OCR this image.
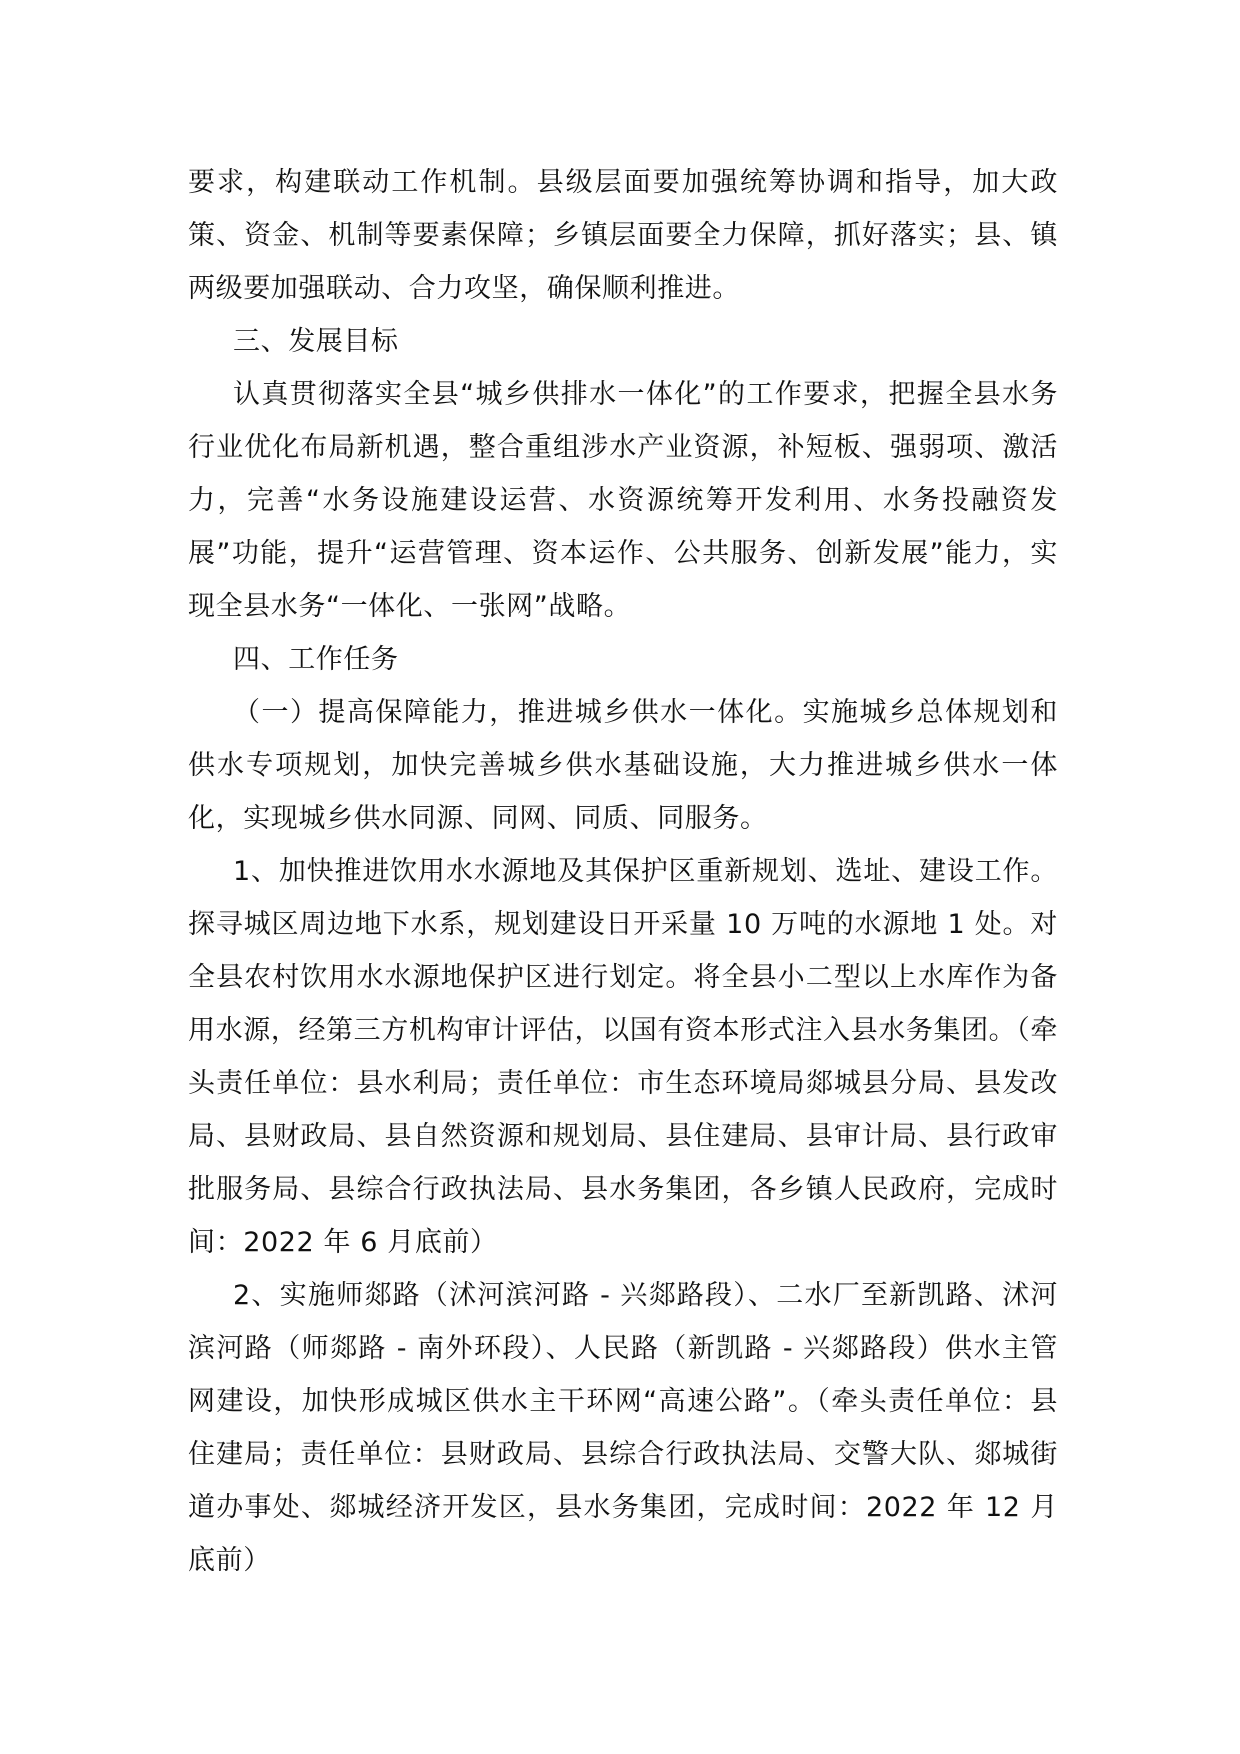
要求，构建联动工作机制。县级层面要加强统筹协调和指导，加大政策、资金、机制等要素保障；乡镇层面要全力保障，抓好落实；县、镇两级要加强联动、合力攻坚，确保顺利推进。

三、发展目标

认真贯彻落实全县“城乡供排水一体化”的工作要求，把握全县水务行业优化布局新机遇，整合重组涉水产业资源，补短板、强弱项、激活力，完善“水务设施建设运营、水资源统筹开发利用、水务投融资发展”功能，提升“运营管理、资本运作、公共服务、创新发展”能力，实现全县水务“一体化、一张网”战略。

四、工作任务

（一）提高保障能力，推进城乡供水一体化。实施城乡总体规划和供水专项规划，加快完善城乡供水基础设施，大力推进城乡供水一体化，实现城乡供水同源、同网、同质、同服务。

1、加快推进饮用水水源地及其保护区重新规划、选址、建设工作。探寻城区周边地下水系，规划建设日开采量 10 万吨的水源地 1 处。对全县农村饮用水水源地保护区进行划定。将全县小二型以上水库作为备用水源，经第三方机构审计评估，以国有资本形式注入县水务集团。（牵头责任单位：县水利局；责任单位：市生态环境局郯城县分局、县发改局、县财政局、县自然资源和规划局、县住建局、县审计局、县行政审批服务局、县综合行政执法局、县水务集团，各乡镇人民政府，完成时间：2022 年 6 月底前）

2、实施师郯路（沭河滨河路 - 兴郯路段）、二水厂至新凯路、沭河滨河路（师郯路 - 南外环段）、人民路（新凯路 - 兴郯路段）供水主管网建设，加快形成城区供水主干环网“高速公路”。（牵头责任单位：县住建局；责任单位：县财政局、县综合行政执法局、交警大队、郯城街道办事处、郯城经济开发区，县水务集团，完成时间：2022 年 12 月底前）
